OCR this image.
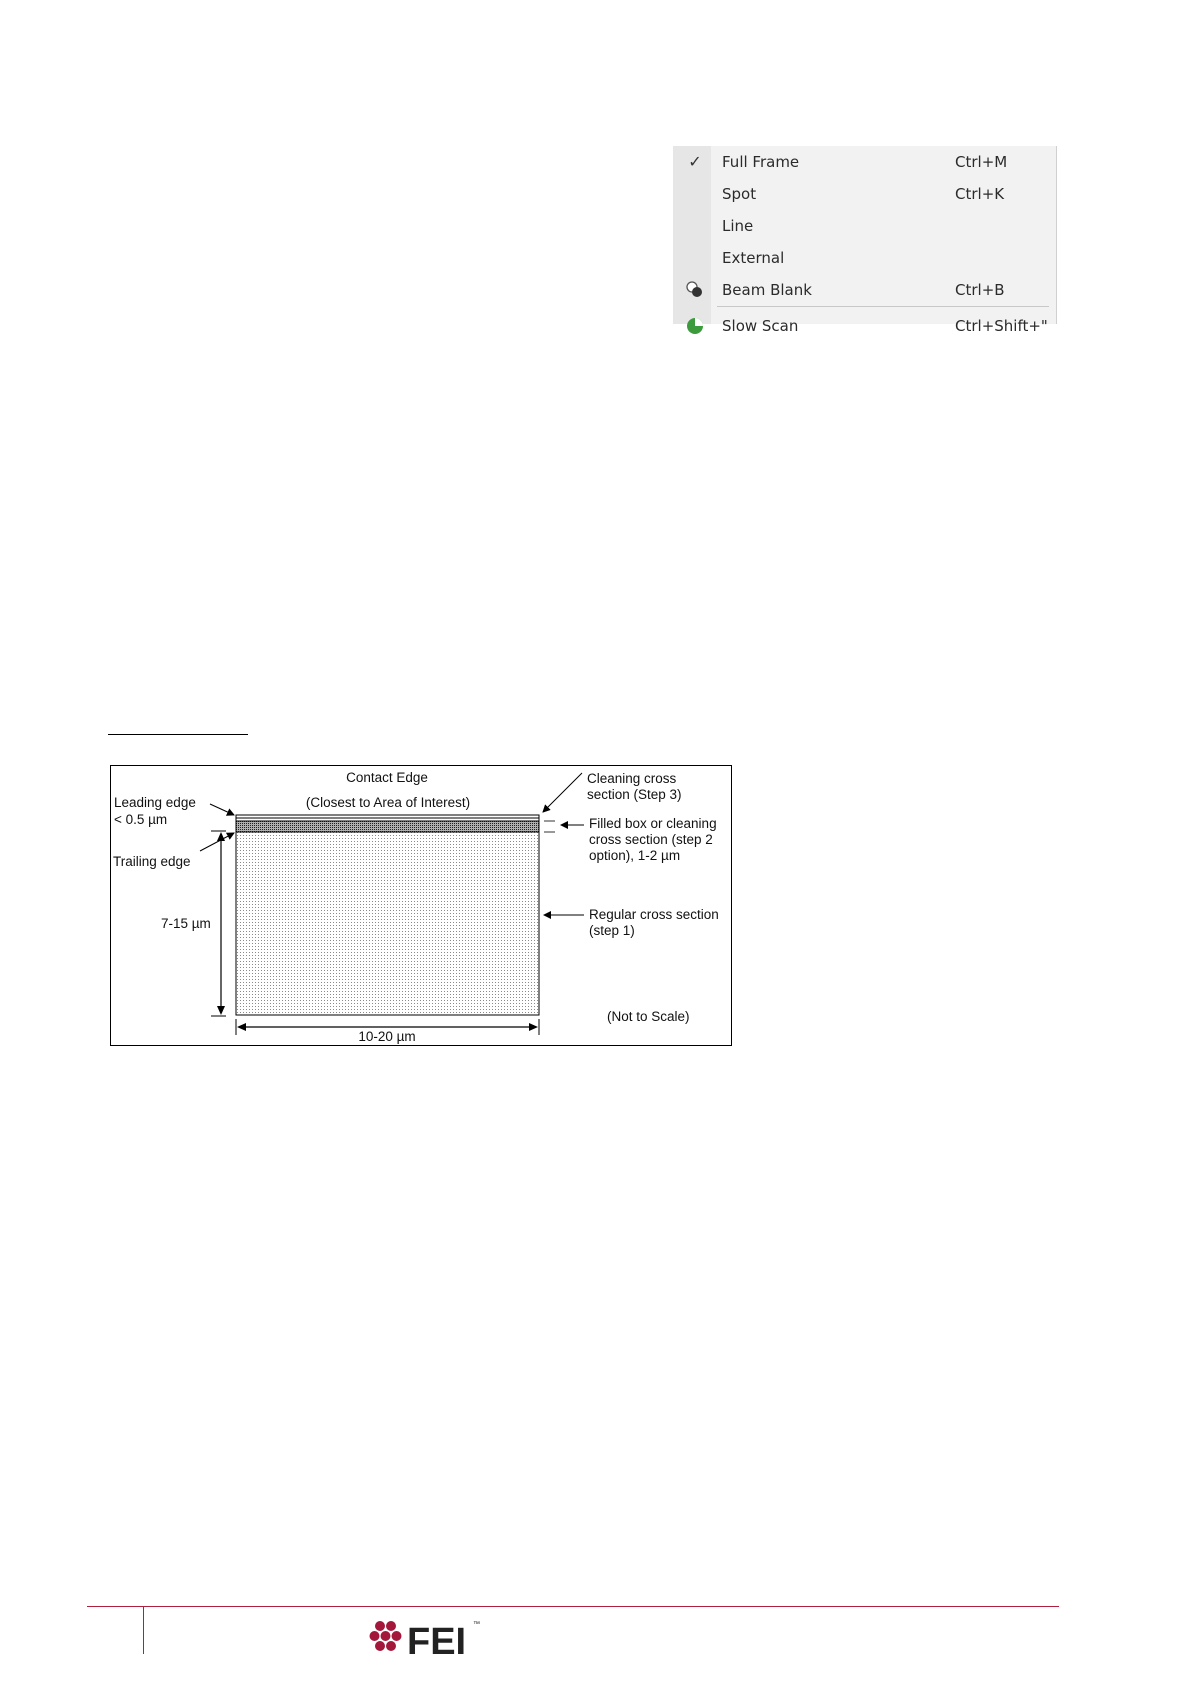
✓ Full Frame	Ctrl+M
Spot	Ctrl+K
Line
External
Beam Blank	Ctrl+B
Slow Scan	Ctrl+Shift+"
Contact Edge
(Closest to Area of Interest)
Leading edge
< 0.5 µm
Trailing edge
7-15 µm
10-20 µm
Cleaning cross
section (Step 3)
Filled box or cleaning
cross section (step 2
option), 1-2 µm
Regular cross section
(step 1)
(Not to Scale)
FEI ™
